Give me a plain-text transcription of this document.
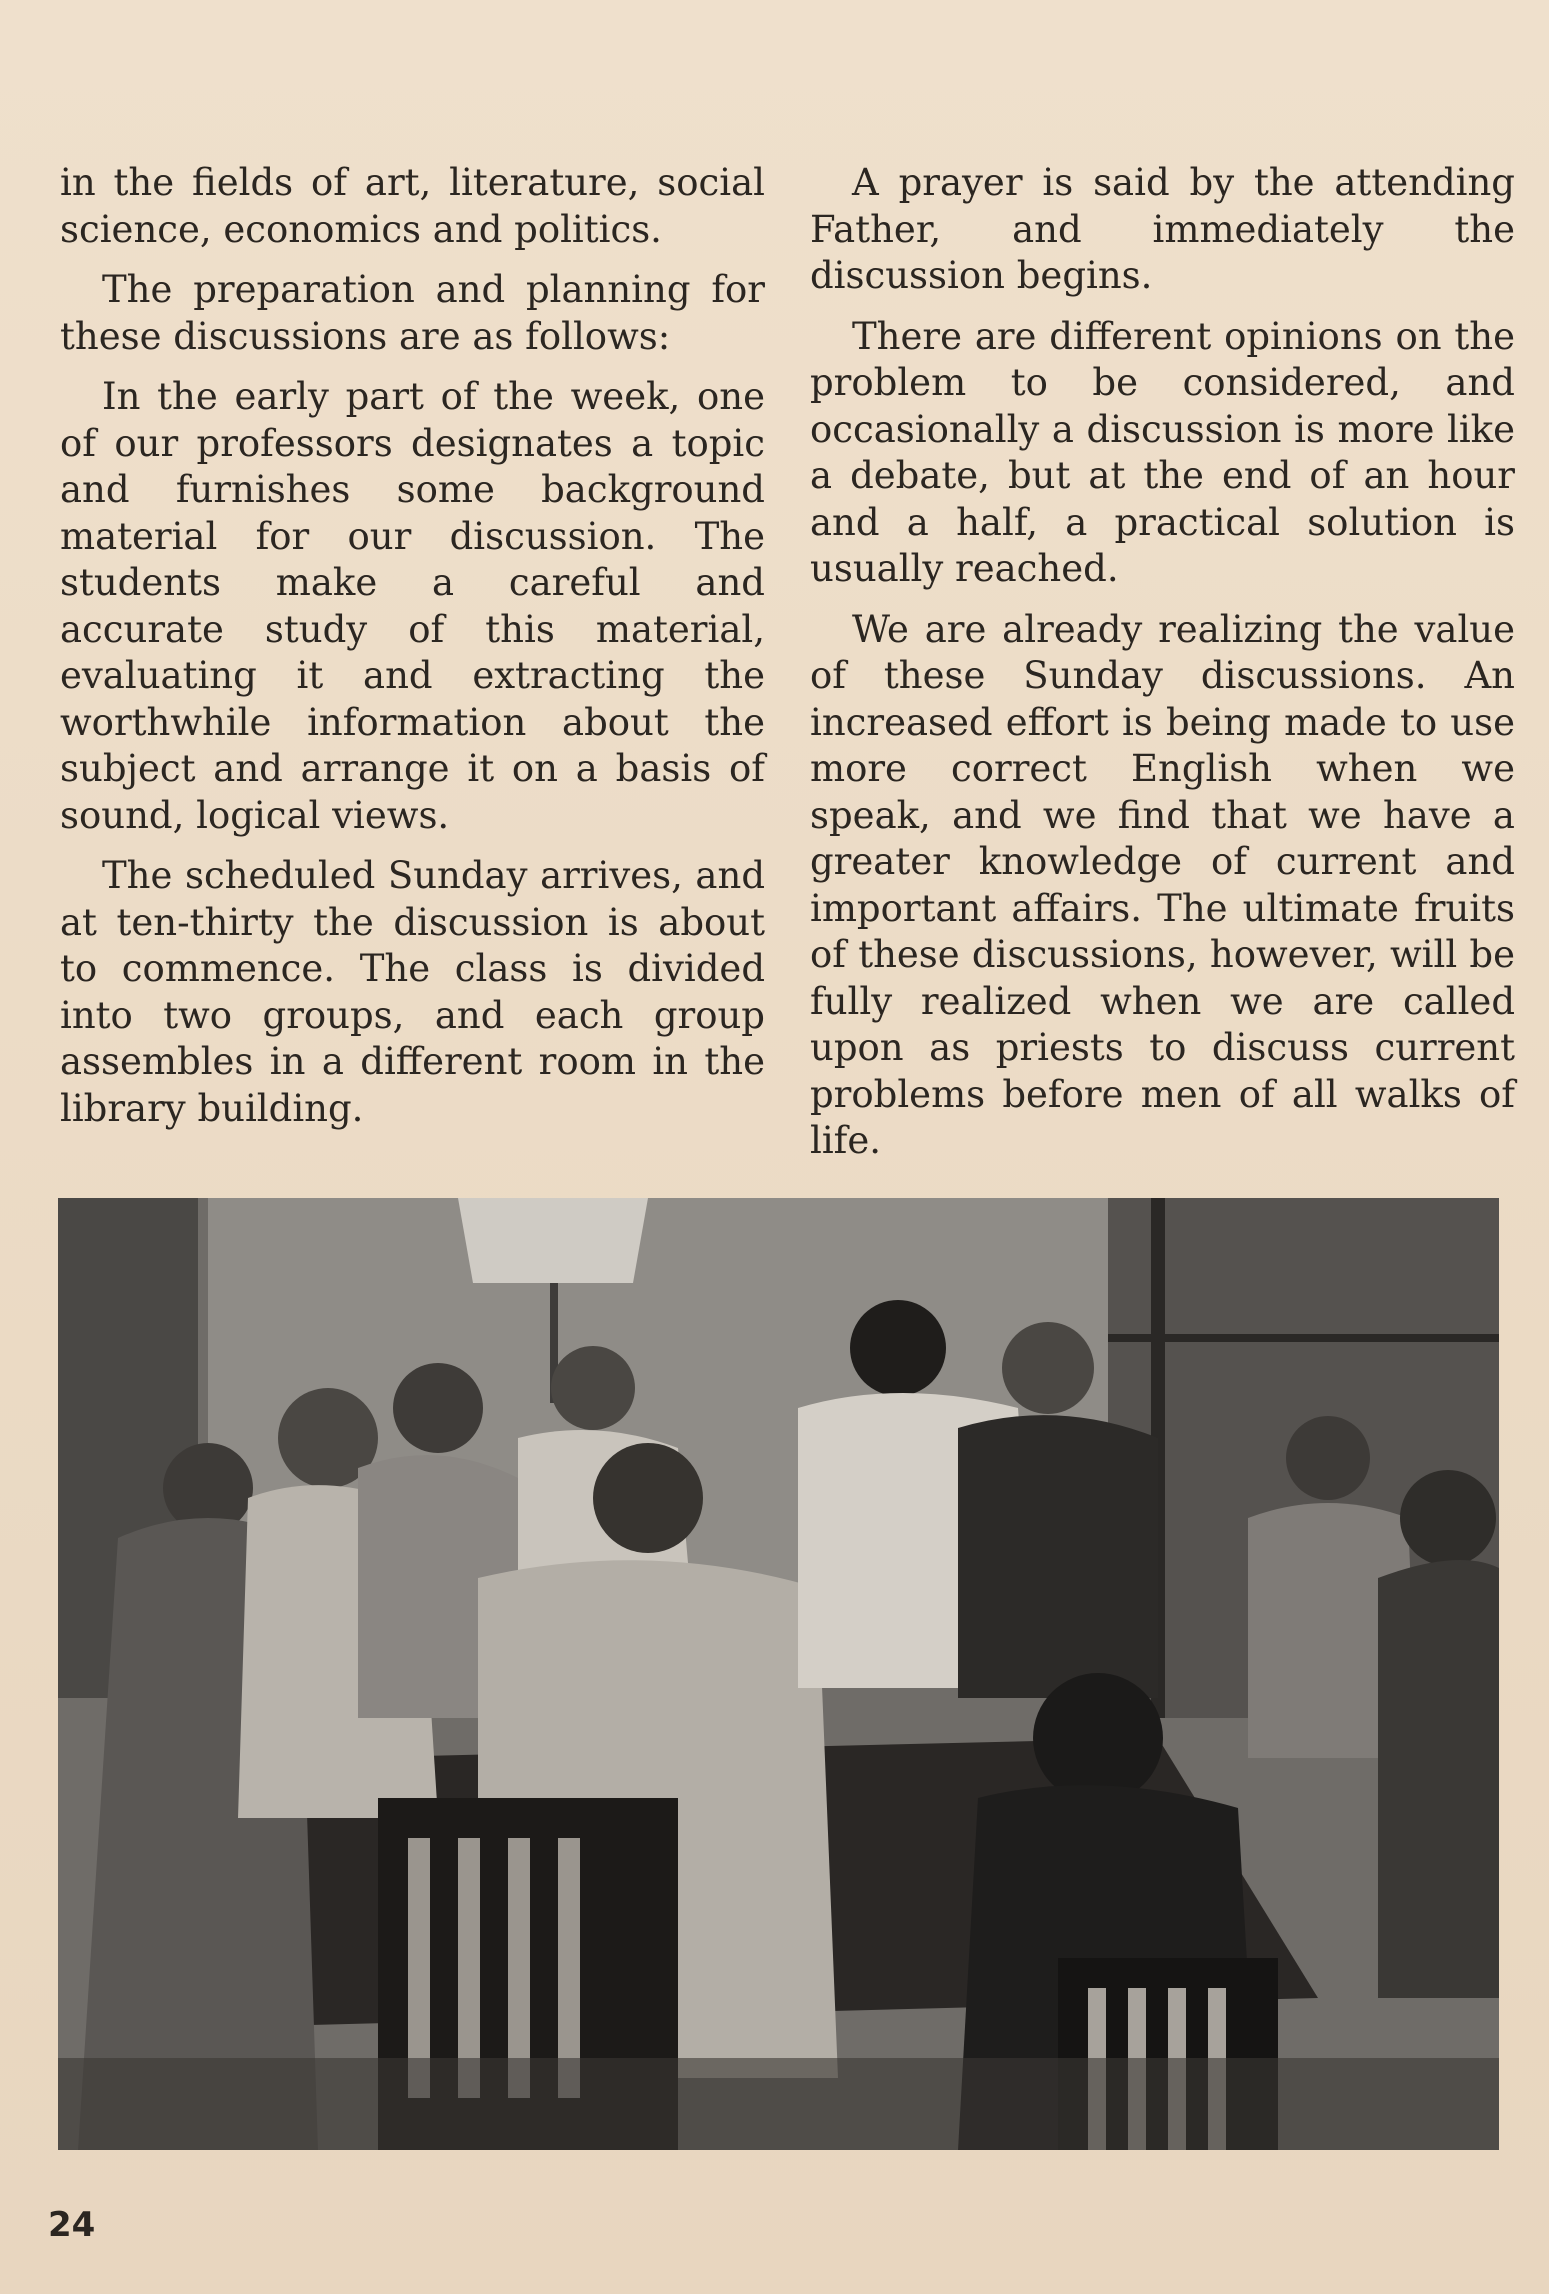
in the fields of art, literature, social science, economics and politics.

The preparation and planning for these discussions are as follows:

In the early part of the week, one of our professors designates a topic and furnishes some background material for our discussion. The students make a careful and accurate study of this material, evaluating it and extracting the worthwhile information about the subject and arrange it on a basis of sound, logical views.

The scheduled Sunday arrives, and at ten-thirty the discussion is about to commence. The class is divided into two groups, and each group assembles in a different room in the library building.

A prayer is said by the attending Father, and immediately the discussion begins.

There are different opinions on the problem to be considered, and occasionally a discussion is more like a debate, but at the end of an hour and a half, a practical solution is usually reached.

We are already realizing the value of these Sunday discussions. An increased effort is being made to use more correct English when we speak, and we find that we have a greater knowledge of current and important affairs. The ultimate fruits of these discussions, however, will be fully realized when we are called upon as priests to discuss current problems before men of all walks of life.

24
